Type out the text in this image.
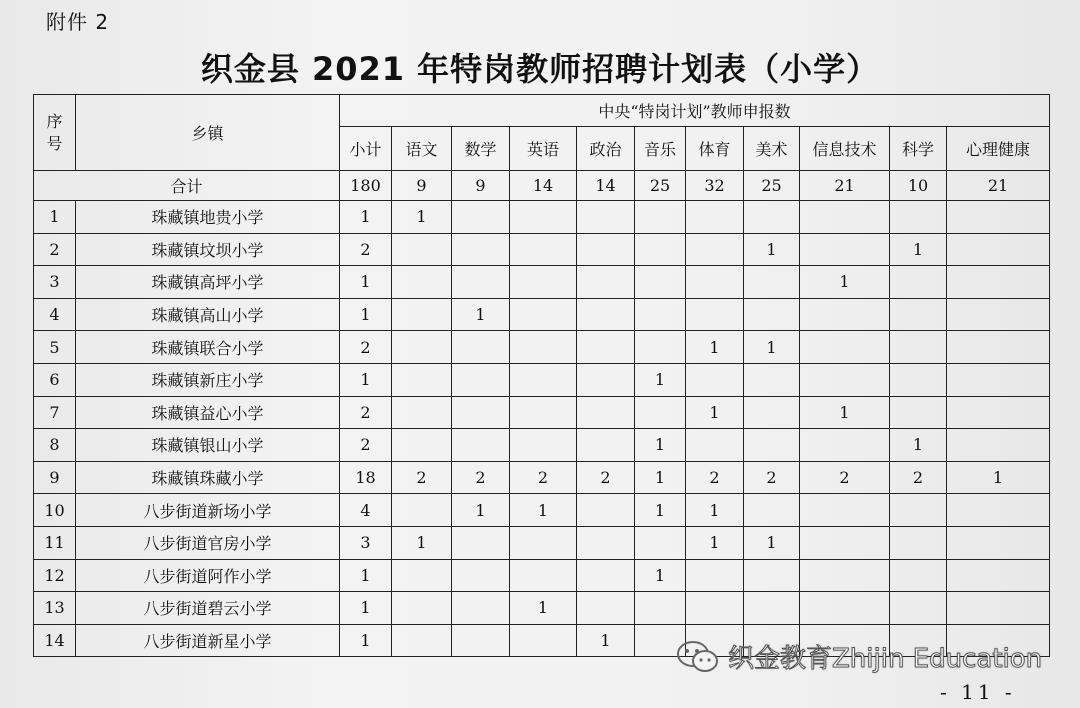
附件 2
织金县 2021 年特岗教师招聘计划表（小学）
序
号	乡镇	中央“特岗计划”教师申报数										
		小计	语文	数学	英语	政治	音乐	体育	美术	信息技术	科学	心理健康
合计		180	9	9	14	14	25	32	25	21	10	21
1	珠藏镇地贵小学	1	1									
2	珠藏镇坟坝小学	2							1		1	
3	珠藏镇高坪小学	1								1		
4	珠藏镇高山小学	1		1								
5	珠藏镇联合小学	2						1	1			
6	珠藏镇新庄小学	1					1					
7	珠藏镇益心小学	2						1		1		
8	珠藏镇银山小学	2					1				1	
9	珠藏镇珠藏小学	18	2	2	2	2	1	2	2	2	2	1
10	八步街道新场小学	4		1	1		1	1				
11	八步街道官房小学	3	1					1	1			
12	八步街道阿作小学	1					1					
13	八步街道碧云小学	1			1							
14	八步街道新星小学	1				1						
织金教育Zhijin Education
- 11 -
